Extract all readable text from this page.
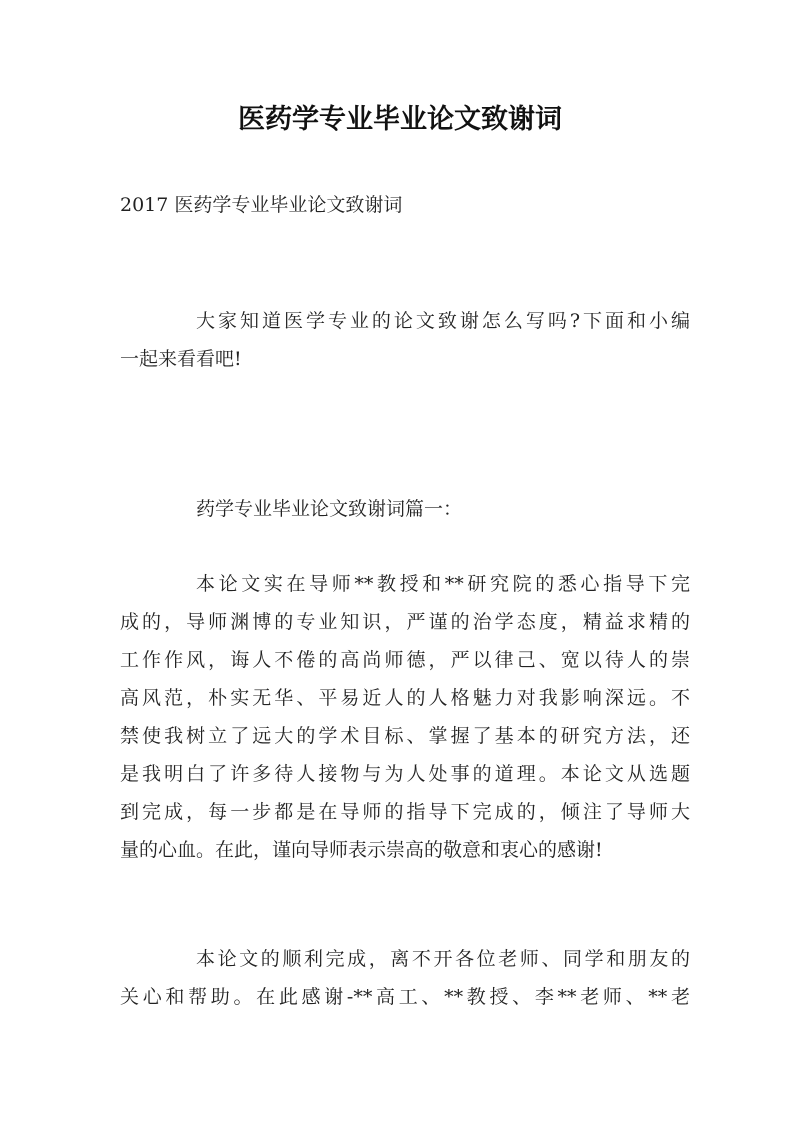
医药学专业毕业论文致谢词
2017 医药学专业毕业论文致谢词
大家知道医学专业的论文致谢怎么写吗?下面和小编
一起来看看吧!
药学专业毕业论文致谢词篇一：
本论文实在导师**教授和**研究院的悉心指导下完
成的，导师渊博的专业知识，严谨的治学态度，精益求精的
工作作风，诲人不倦的高尚师德，严以律己、宽以待人的崇
高风范，朴实无华、平易近人的人格魅力对我影响深远。不
禁使我树立了远大的学术目标、掌握了基本的研究方法，还
是我明白了许多待人接物与为人处事的道理。本论文从选题
到完成，每一步都是在导师的指导下完成的，倾注了导师大
量的心血。在此，谨向导师表示崇高的敬意和衷心的感谢!
本论文的顺利完成，离不开各位老师、同学和朋友的
关心和帮助。在此感谢-**高工、**教授、李**老师、**老
